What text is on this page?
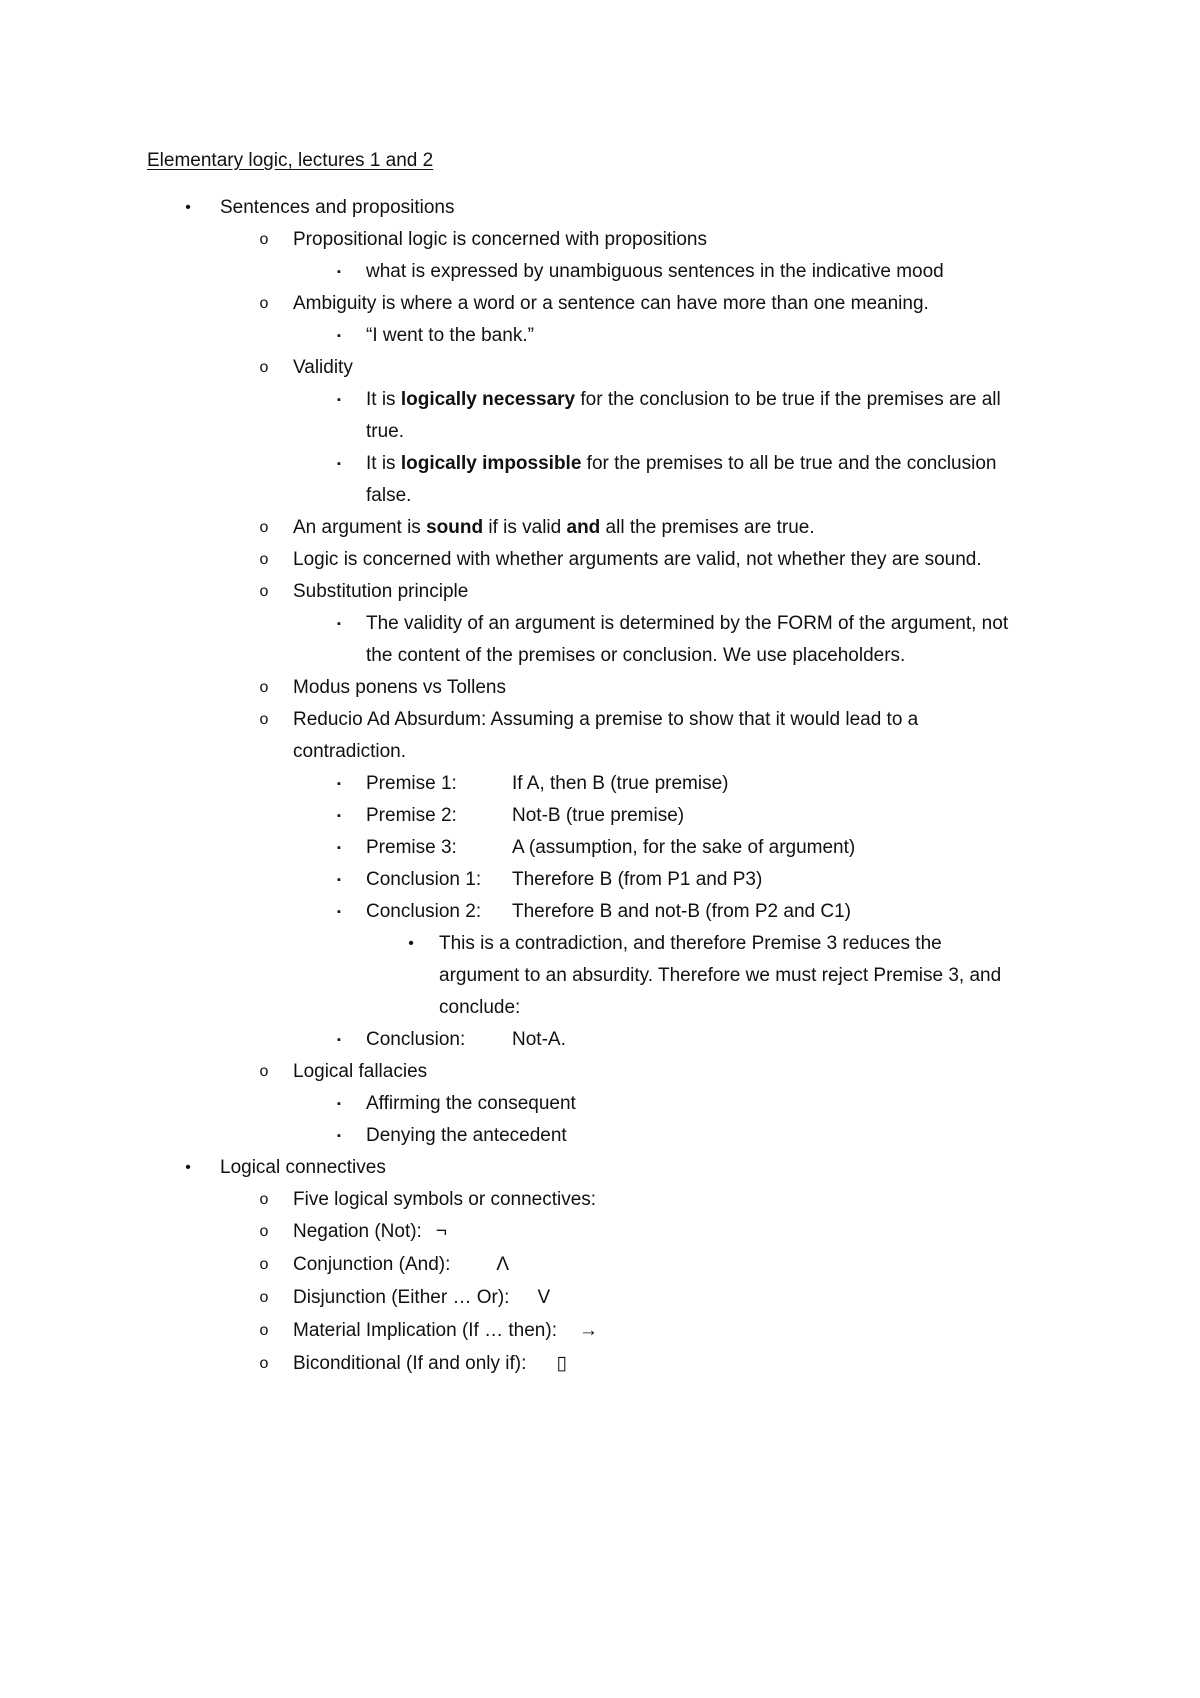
Elementary logic, lectures 1 and 2
•	Sentences and propositions
o Propositional logic is concerned with propositions
▪	what is expressed by unambiguous sentences in the indicative mood
o Ambiguity is where a word or a sentence can have more than one meaning.
▪	“I went to the bank.”
o Validity
▪	It is logically necessary for the conclusion to be true if the premises are all
true.
▪	It is logically impossible for the premises to all be true and the conclusion
false.
o An argument is sound if is valid and all the premises are true.
o Logic is concerned with whether arguments are valid, not whether they are sound.
o Substitution principle
▪	The validity of an argument is determined by the FORM of the argument, not
the content of the premises or conclusion. We use placeholders.
o Modus ponens vs Tollens
o Reducio Ad Absurdum: Assuming a premise to show that it would lead to a
contradiction.
▪	Premise 1:	If A, then B (true premise)
▪	Premise 2:	Not-B (true premise)
▪	Premise 3:	A (assumption, for the sake of argument)
▪	Conclusion 1: Therefore B (from P1 and P3)
▪	Conclusion 2: Therefore B and not-B (from P2 and C1)
•	This is a contradiction, and therefore Premise 3 reduces the
argument to an absurdity. Therefore we must reject Premise 3, and
conclude:
▪	Conclusion: Not-A.
o Logical fallacies
▪	Affirming the consequent
▪	Denying the antecedent
•	Logical connectives
o Five logical symbols or connectives:
o Negation (Not): ¬
o Conjunction (And): Λ
o Disjunction (Either … Or): V
o Material Implication (If … then): →
o Biconditional (If and only if): ▯
